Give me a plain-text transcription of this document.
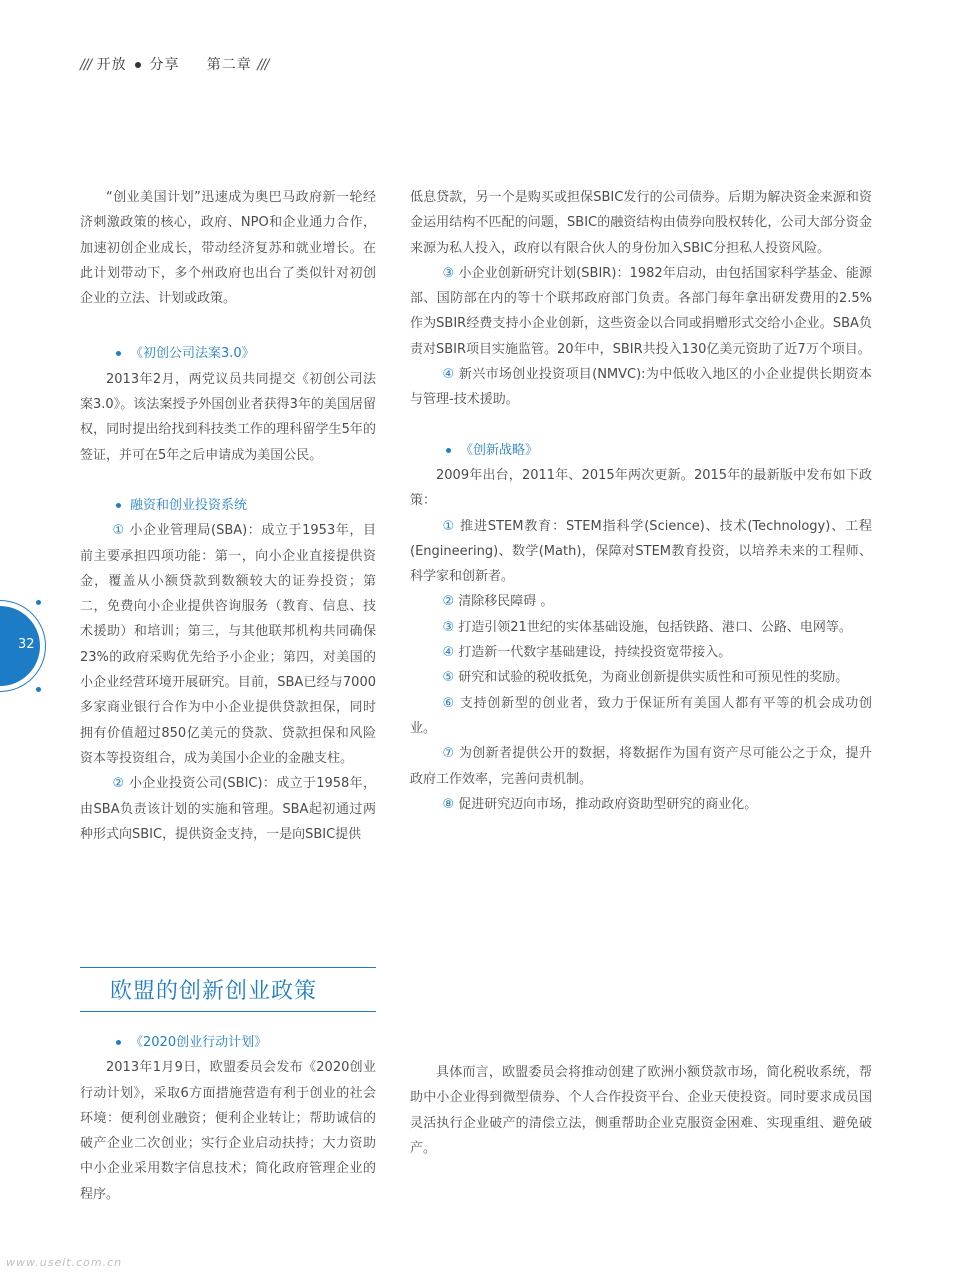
/// 开放 分享 第二章 ///
32

“创业美国计划”迅速成为奥巴马政府新一轮经济刺激政策的核心，政府、NPO和企业通力合作，加速初创企业成长，带动经济复苏和就业增长。在此计划带动下，多个州政府也出台了类似针对初创企业的立法、计划或政策。

《初创公司法案3.0》

2013年2月，两党议员共同提交《初创公司法案3.0》。该法案授予外国创业者获得3年的美国居留权，同时提出给找到科技类工作的理科留学生5年的签证，并可在5年之后申请成为美国公民。

融资和创业投资系统

① 小企业管理局(SBA)：成立于1953年，目前主要承担四项功能：第一，向小企业直接提供资金，覆盖从小额贷款到数额较大的证券投资；第二，免费向小企业提供咨询服务（教育、信息、技术援助）和培训；第三，与其他联邦机构共同确保23%的政府采购优先给予小企业；第四，对美国的小企业经营环境开展研究。目前，SBA已经与7000多家商业银行合作为中小企业提供贷款担保，同时拥有价值超过850亿美元的贷款、贷款担保和风险资本等投资组合，成为美国小企业的金融支柱。

② 小企业投资公司(SBIC)：成立于1958年，由SBA负责该计划的实施和管理。SBA起初通过两种形式向SBIC，提供资金支持，一是向SBIC提供

低息贷款，另一个是购买或担保SBIC发行的公司债券。后期为解决资金来源和资金运用结构不匹配的问题，SBIC的融资结构由债券向股权转化，公司大部分资金来源为私人投入，政府以有限合伙人的身份加入SBIC分担私人投资风险。

③ 小企业创新研究计划(SBIR)：1982年启动，由包括国家科学基金、能源部、国防部在内的等十个联邦政府部门负责。各部门每年拿出研发费用的2.5%作为SBIR经费支持小企业创新，这些资金以合同或捐赠形式交给小企业。SBA负责对SBIR项目实施监管。20年中，SBIR共投入130亿美元资助了近7万个项目。

④ 新兴市场创业投资项目(NMVC):为中低收入地区的小企业提供长期资本与管理-技术援助。

《创新战略》

2009年出台，2011年、2015年两次更新。2015年的最新版中发布如下政策：

① 推进STEM教育：STEM指科学(Science)、技术(Technology)、工程(Engineering)、数学(Math)，保障对STEM教育投资，以培养未来的工程师、科学家和创新者。

② 清除移民障碍 。

③ 打造引领21世纪的实体基础设施，包括铁路、港口、公路、电网等。

④ 打造新一代数字基础建设，持续投资宽带接入。

⑤ 研究和试验的税收抵免，为商业创新提供实质性和可预见性的奖励。

⑥ 支持创新型的创业者，致力于保证所有美国人都有平等的机会成功创业。

⑦ 为创新者提供公开的数据，将数据作为国有资产尽可能公之于众，提升政府工作效率，完善问责机制。

⑧ 促进研究迈向市场，推动政府资助型研究的商业化。

欧盟的创新创业政策

《2020创业行动计划》

2013年1月9日，欧盟委员会发布《2020创业行动计划》，采取6方面措施营造有利于创业的社会环境：便利创业融资；便利企业转让；帮助诚信的破产企业二次创业；实行企业启动扶持；大力资助中小企业采用数字信息技术；简化政府管理企业的程序。

具体而言，欧盟委员会将推动创建了欧洲小额贷款市场，简化税收系统，帮助中小企业得到微型债券、个人合作投资平台、企业天使投资。同时要求成员国灵活执行企业破产的清偿立法，侧重帮助企业克服资金困难、实现重组、避免破产。

www.useit.com.cn
